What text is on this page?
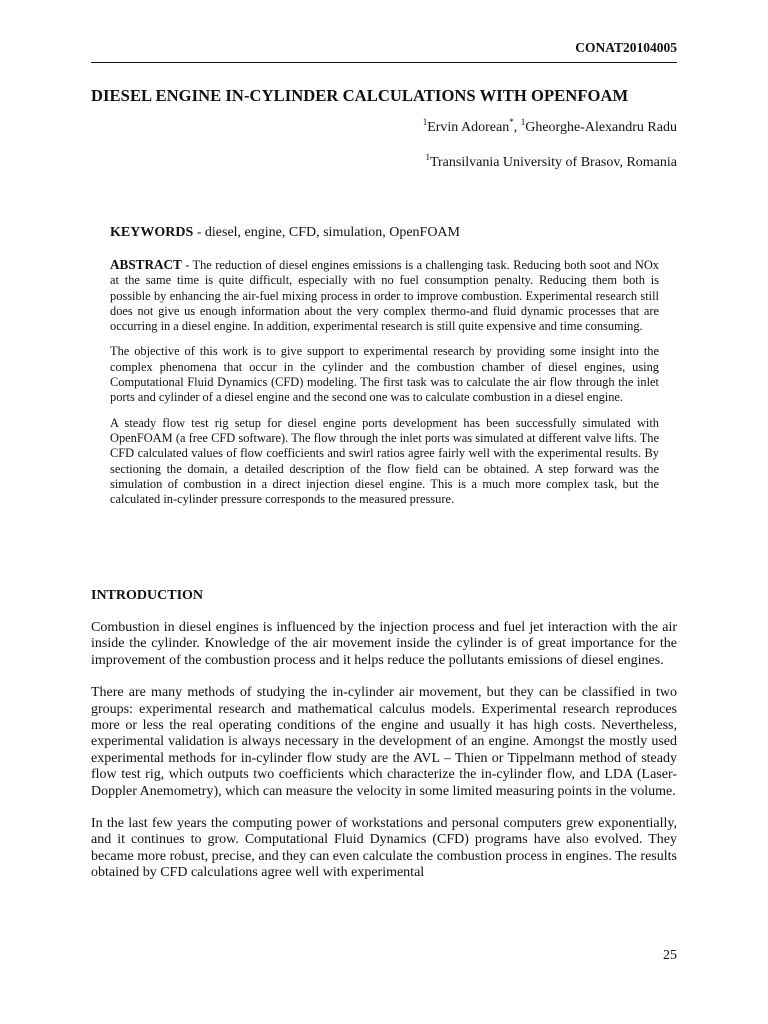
CONAT20104005
DIESEL ENGINE IN-CYLINDER CALCULATIONS WITH OPENFOAM
$^1$Ervin Adorean*, $^1$Gheorghe-Alexandru Radu
$^1$Transilvania University of Brasov, Romania

KEYWORDS - diesel, engine, CFD, simulation, OpenFOAM

ABSTRACT - The reduction of diesel engines emissions is a challenging task. Reducing both soot and NOx at the same time is quite difficult, especially with no fuel consumption penalty. Reducing them both is possible by enhancing the air-fuel mixing process in order to improve combustion. Experimental research still does not give us enough information about the very complex thermo-and fluid dynamic processes that are occurring in a diesel engine. In addition, experimental research is still quite expensive and time consuming.

The objective of this work is to give support to experimental research by providing some insight into the complex phenomena that occur in the cylinder and the combustion chamber of diesel engines, using Computational Fluid Dynamics (CFD) modeling. The first task was to calculate the air flow through the inlet ports and cylinder of a diesel engine and the second one was to calculate combustion in a diesel engine.

A steady flow test rig setup for diesel engine ports development has been successfully simulated with OpenFOAM (a free CFD software). The flow through the inlet ports was simulated at different valve lifts. The CFD calculated values of flow coefficients and swirl ratios agree fairly well with the experimental results. By sectioning the domain, a detailed description of the flow field can be obtained. A step forward was the simulation of combustion in a direct injection diesel engine. This is a much more complex task, but the calculated in-cylinder pressure corresponds to the measured pressure.

INTRODUCTION

Combustion in diesel engines is influenced by the injection process and fuel jet interaction with the air inside the cylinder. Knowledge of the air movement inside the cylinder is of great importance for the improvement of the combustion process and it helps reduce the pollutants emissions of diesel engines.

There are many methods of studying the in-cylinder air movement, but they can be classified in two groups: experimental research and mathematical calculus models. Experimental research reproduces more or less the real operating conditions of the engine and usually it has high costs. Nevertheless, experimental validation is always necessary in the development of an engine. Amongst the mostly used experimental methods for in-cylinder flow study are the AVL – Thien or Tippelmann method of steady flow test rig, which outputs two coefficients which characterize the in-cylinder flow, and LDA (Laser-Doppler Anemometry), which can measure the velocity in some limited measuring points in the volume.

In the last few years the computing power of workstations and personal computers grew exponentially, and it continues to grow. Computational Fluid Dynamics (CFD) programs have also evolved. They became more robust, precise, and they can even calculate the combustion process in engines. The results obtained by CFD calculations agree well with experimental

25
